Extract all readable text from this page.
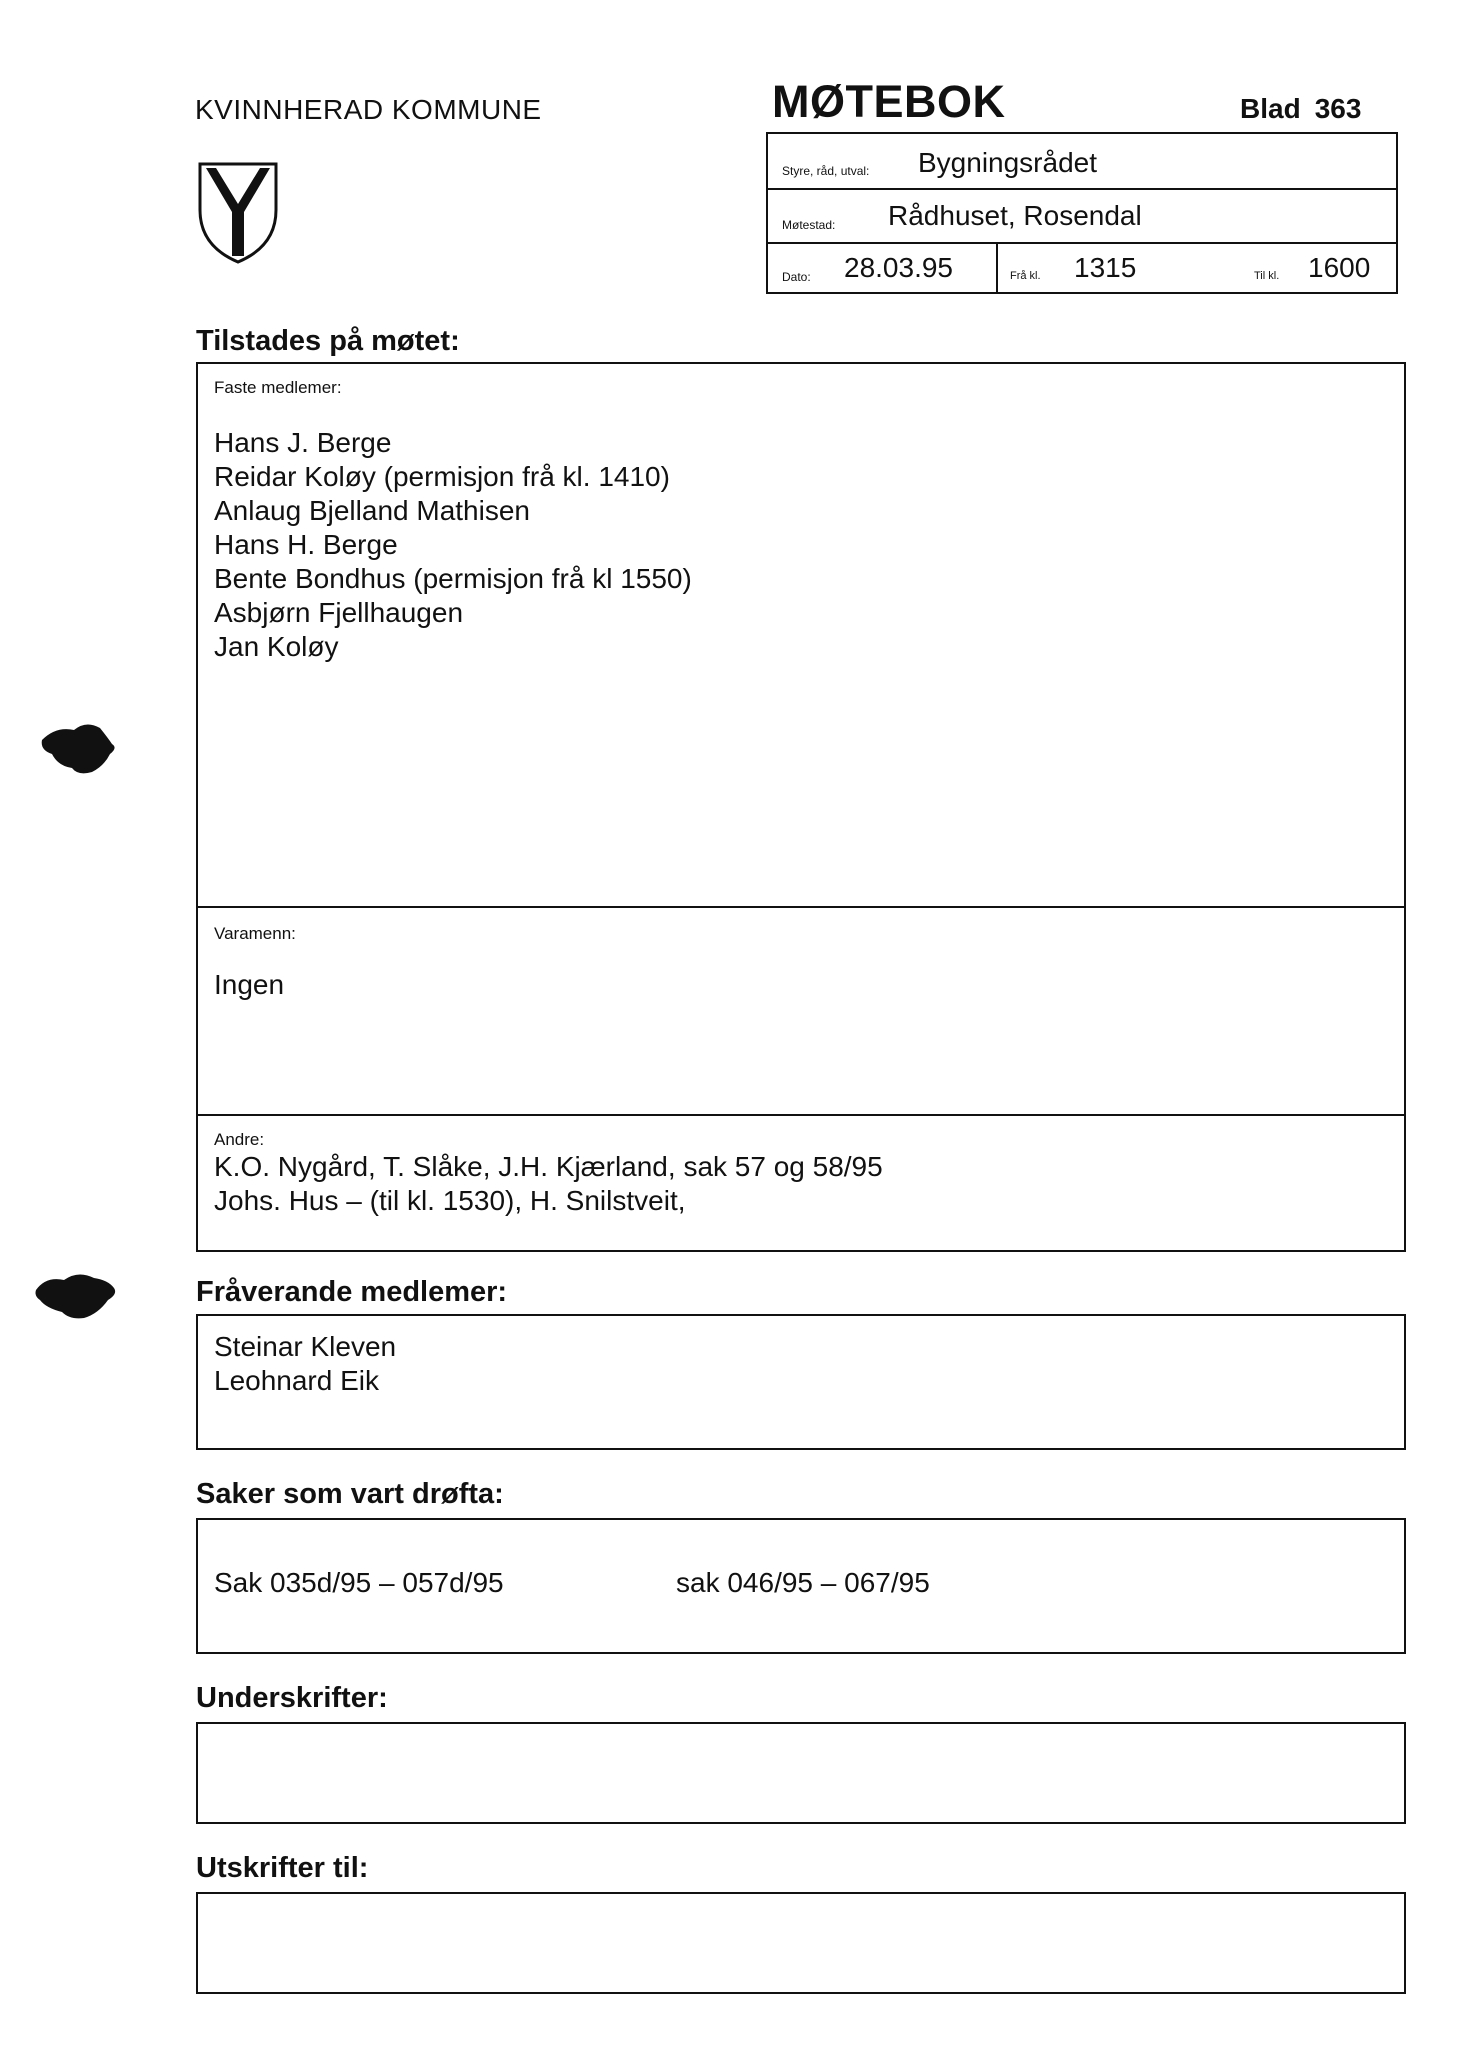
KVINNHERAD KOMMUNE	MØTEBOK	Blad 363
Styre, råd, utval: Bygningsrådet
Møtestad: Rådhuset, Rosendal
Dato: 28.03.95	Frå kl. 1315	Til kl. 1600
Tilstades på møtet:
Faste medlemer:
Hans J. Berge
Reidar Koløy (permisjon frå kl. 1410)
Anlaug Bjelland Mathisen
Hans H. Berge
Bente Bondhus (permisjon frå kl 1550)
Asbjørn Fjellhaugen
Jan Koløy
Varamenn:
Ingen
Andre:
K.O. Nygård, T. Slåke, J.H. Kjærland, sak 57 og 58/95
Johs. Hus – (til kl. 1530), H. Snilstveit,
Fråverande medlemer:
Steinar Kleven
Leohnard Eik
Saker som vart drøfta:
Sak 035d/95 – 057d/95	sak 046/95 – 067/95
Underskrifter:
Utskrifter til:
